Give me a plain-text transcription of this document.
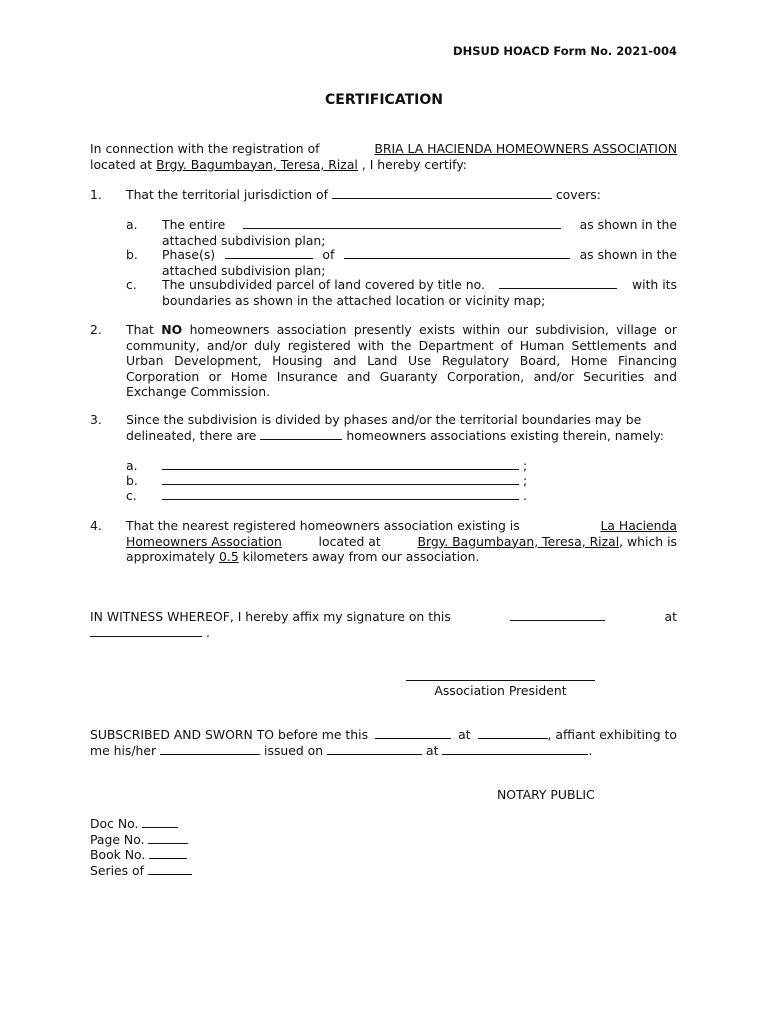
DHSUD HOACD Form No. 2021-004
CERTIFICATION
In connection with the registration of	BRIA LA HACIENDA HOMEOWNERS ASSOCIATION
located at Brgy. Bagumbayan, Teresa, Rizal , I hereby certify:
1. That the territorial jurisdiction of	covers:
a. The entire	as shown in the
attached subdivision plan;
b. Phase(s)	of	as shown in the
attached subdivision plan;
c. The unsubdivided parcel of land covered by title no.	with its
boundaries as shown in the attached location or vicinity map;
2. That NO homeowners association presently exists within our subdivision, village or community, and/or duly registered with the Department of Human Settlements and Urban Development, Housing and Land Use Regulatory Board, Home Financing Corporation or Home Insurance and Guaranty Corporation, and/or Securities and Exchange Commission.
3. Since the subdivision is divided by phases and/or the territorial boundaries may be
delineated, there are	homeowners associations existing therein, namely:
a.	;
b.	;
c.	.
4. That the nearest registered homeowners association existing is	La Hacienda
Homeowners Association	located at	Brgy. Bagumbayan, Teresa, Rizal, which is
approximately 0.5 kilometers away from our association.
IN WITNESS WHEREOF, I hereby affix my signature on this	at
.
Association President
SUBSCRIBED AND SWORN TO before me this	at	, affiant exhibiting to
me his/her	issued on	at	.
NOTARY PUBLIC
Doc No.
Page No.
Book No.
Series of
